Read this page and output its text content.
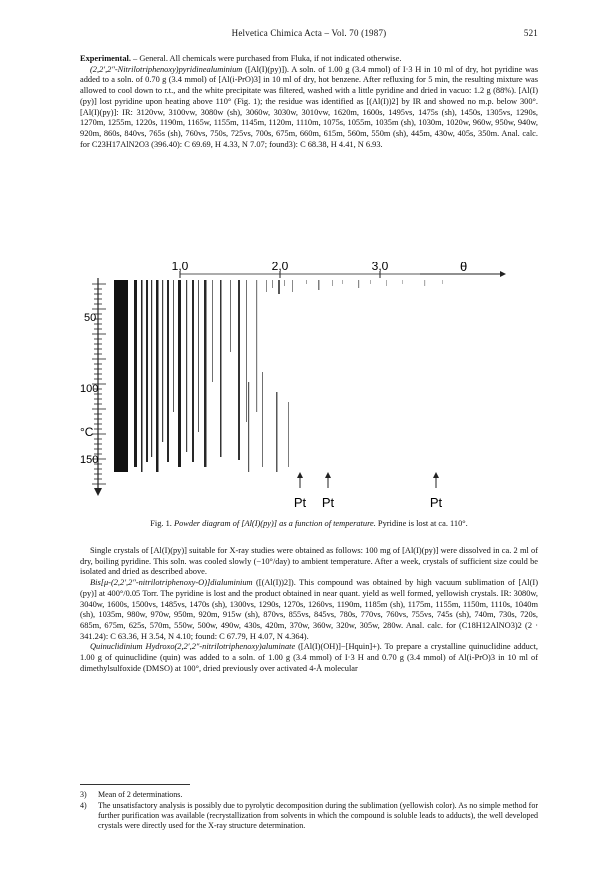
Helvetica Chimica Acta – Vol. 70 (1987)	521

Experimental. – General. All chemicals were purchased from Fluka, if not indicated otherwise.

(2,2′,2″-Nitrilotriphenoxy)pyridinealuminium ([Al(I)(py)]). A soln. of 1.00 g (3.4 mmol) of I·3 H in 10 ml of dry, hot pyridine was added to a soln. of 0.70 g (3.4 mmol) of [Al(i-PrO)3] in 10 ml of dry, hot benzene. After refluxing for 5 min, the resulting mixture was allowed to cool down to r.t., and the white precipitate was filtered, washed with a little pyridine and dried in vacuo: 1.2 g (88%). [Al(I)(py)] lost pyridine upon heating above 110° (Fig. 1); the residue was identified as [(Al(I))2] by IR and showed no m.p. below 300°. [Al(I)(py)]: IR: 3120vw, 3100vw, 3080w (sh), 3060w, 3030w, 3010vw, 1620m, 1600s, 1495vs, 1475s (sh), 1450s, 1305vs, 1290s, 1270m, 1255m, 1220s, 1190m, 1165w, 1155m, 1145m, 1120m, 1110m, 1075s, 1055m, 1035m (sh), 1030m, 1020w, 960w, 950w, 940w, 920m, 860s, 840vs, 765s (sh), 760vs, 750s, 725vs, 700s, 675m, 660m, 615m, 560m, 550m (sh), 445m, 430w, 405s, 350m. Anal. calc. for C23H17AlN2O3 (396.40): C 69.69, H 4.33, N 7.07; found3): C 68.38, H 4.41, N 6.93.

1,0	2,0	3,0	θ
100
150
50
°C
Pt Pt	Pt
Fig. 1. Powder diagram of [Al(I)(py)] as a function of temperature. Pyridine is lost at ca. 110°.

Single crystals of [Al(I)(py)] suitable for X-ray studies were obtained as follows: 100 mg of [Al(I)(py)] were dissolved in ca. 2 ml of dry, boiling pyridine. This soln. was cooled slowly (−10°/day) to ambient temperature. After a week, crystals of sufficient size could be isolated and dried as described above.

Bis[μ-(2,2′,2″-nitrilotriphenoxy-O)]dialuminium ([(Al(I))2]). This compound was obtained by high vacuum sublimation of [Al(I)(py)] at 400°/0.05 Torr. The pyridine is lost and the product obtained in near quant. yield as well formed, yellowish crystals. IR: 3080w, 3040w, 1600s, 1500vs, 1485vs, 1470s (sh), 1300vs, 1290s, 1270s, 1260vs, 1190m, 1185m (sh), 1175m, 1155m, 1150m, 1110s, 1040m (sh), 1035m, 980w, 970w, 950m, 920m, 915w (sh), 870vs, 855vs, 845vs, 780s, 770vs, 760vs, 755vs, 745s (sh), 740m, 730s, 720s, 685m, 675m, 625s, 570m, 550w, 500w, 490w, 430s, 420m, 370w, 360w, 320w, 305w, 280w. Anal. calc. for (C18H12AlNO3)2 (2 · 341.24): C 63.36, H 3.54, N 4.10; found: C 67.79, H 4.07, N 4.364).

Quinuclidinium Hydroxo(2,2′,2″-nitrilotriphenoxy)aluminate ([Al(I)(OH)]−[Hquin]+). To prepare a crystalline quinuclidine adduct, 1.00 g of quinuclidine (quin) was added to a soln. of 1.00 g (3.4 mmol) of I·3 H and 0.70 g (3.4 mmol) of Al(i-PrO)3 in 10 ml of dimethylsulfoxide (DMSO) at 100°, dried previously over activated 4-Å molecular

3) Mean of 2 determinations.
4) The unsatisfactory analysis is possibly due to pyrolytic decomposition during the sublimation (yellowish color). As no simple method for further purification was available (recrystallization from solvents in which the compound is soluble leads to adducts), the well developed crystals were directly used for the X-ray structure determination.
